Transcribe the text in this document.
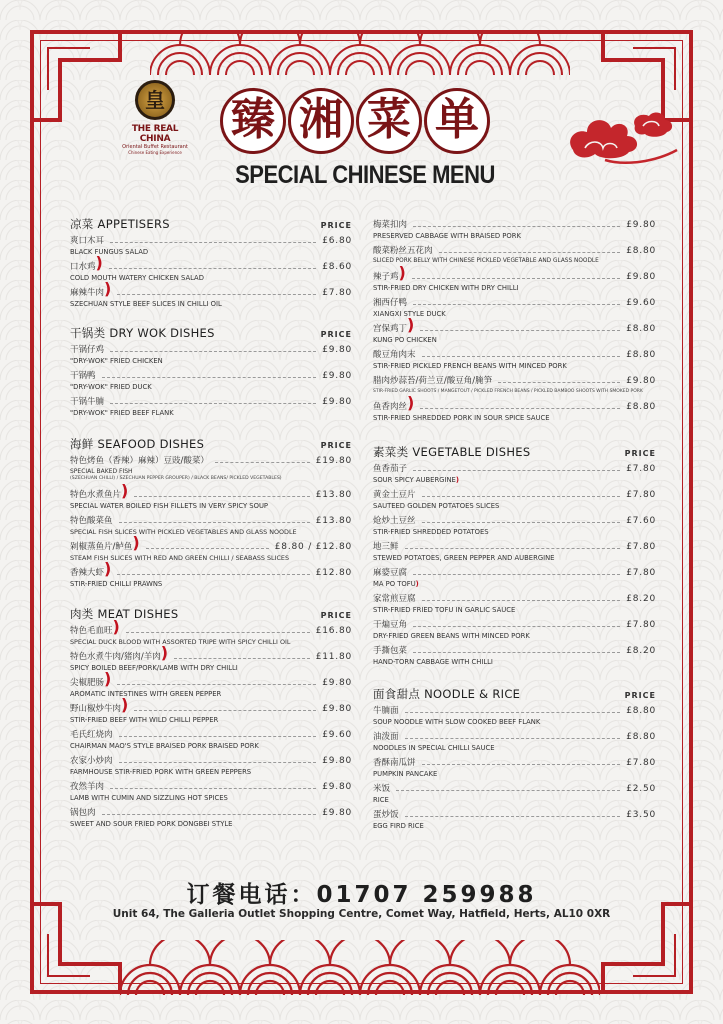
皇
THE REAL CHINA
Oriental Buffet Restaurant
Chinese Eating Experience
臻 湘 菜 单
SPECIAL CHINESE MENU
凉菜 APPETISERS	PRICE
爽口木耳	£6.80
BLACK FUNGUS SALAD
口水鸡 )	£8.60
COLD MOUTH WATERY CHICKEN SALAD
麻辣牛肉 )	£7.80
SZECHUAN STYLE BEEF SLICES IN CHILLI OIL
干锅类 DRY WOK DISHES	PRICE
干锅仔鸡	£9.80
"DRY-WOK" FRIED CHICKEN
干锅鸭	£9.80
"DRY-WOK" FRIED DUCK
干锅牛腩	£9.80
"DRY-WOK" FRIED BEEF FLANK
海鲜 SEAFOOD DISHES	PRICE
特色烤鱼（香辣）麻辣）豆豉/酸菜）	£19.80
SPECIAL BAKED FISH
(SZECHUAN CHILLI) / SZECHUAN PEPPER GROUPER) / BLACK BEANS/ PICKLED VEGETABLES)
特色水煮鱼片 )	£13.80
SPECIAL WATER BOILED FISH FILLETS IN VERY SPICY SOUP
特色酸菜鱼	£13.80
SPECIAL FISH SLICES WITH PICKLED VEGETABLES AND GLASS NOODLE
剁椒蒸鱼片/鲈鱼 )	£8.80 / £12.80
STEAM FISH SLICES WITH RED AND GREEN CHILLI / SEABASS SLICES
香辣大虾 )	£12.80
STIR-FRIED CHILLI PRAWNS
肉类 MEAT DISHES	PRICE
特色毛血旺 )	£16.80
SPECIAL DUCK BLOOD WITH ASSORTED TRIPE WITH SPICY CHILLI OIL
特色水煮牛肉/猪肉/羊肉 )	£11.80
SPICY BOILED BEEF/PORK/LAMB WITH DRY CHILLI
尖椒肥肠 )	£9.80
AROMATIC INTESTINES WITH GREEN PEPPER
野山椒炒牛肉 )	£9.80
STIR-FRIED BEEF WITH WILD CHILLI PEPPER
毛氏红烧肉	£9.60
CHAIRMAN MAO'S STYLE BRAISED PORK BRAISED PORK
农家小炒肉	£9.80
FARMHOUSE STIR-FRIED PORK WITH GREEN PEPPERS
孜然羊肉	£9.80
LAMB WITH CUMIN AND SIZZLING HOT SPICES
锅包肉	£9.80
SWEET AND SOUR FRIED PORK DONGBEI STYLE
梅菜扣肉	£9.80
PRESERVED CABBAGE WITH BRAISED PORK
酸菜粉丝五花肉	£8.80
SLICED PORK BELLY WITH CHINESE PICKLED VEGETABLE AND GLASS NOODLE
辣子鸡 )	£9.80
STIR-FRIED DRY CHICKEN WITH DRY CHILLI
湘西仔鸭	£9.60
XIANGXI STYLE DUCK
宫保鸡丁 )	£8.80
KUNG PO CHICKEN
酸豆角肉末	£8.80
STIR-FRIED PICKLED FRENCH BEANS WITH MINCED PORK
腊肉炒蒜苔/荷兰豆/酸豆角/腌笋	£9.80
STIR-FRIED GARLIC SHOOTS / MANGETOUT / PICKLED FRENCH BEANS / PICKLED BAMBOO SHOOTS WITH SMOKED PORK
鱼香肉丝 )	£8.80
STIR-FRIED SHREDDED PORK IN SOUR SPICE SAUCE
素菜类 VEGETABLE DISHES	PRICE
鱼香茄子	£7.80
SOUR SPICY AUBERGINE)
黄金土豆片	£7.80
SAUTEED GOLDEN POTATOES SLICES
炝炒土豆丝	£7.60
STIR-FRIED SHREDDED POTATOES
地三鲜	£7.80
STEWED POTATOES, GREEN PEPPER AND AUBERGINE
麻婆豆腐	£7.80
MA PO TOFU)
家常煎豆腐	£8.20
STIR-FRIED FRIED TOFU IN GARLIC SAUCE
干煸豆角	£7.80
DRY-FRIED GREEN BEANS WITH MINCED PORK
手撕包菜	£8.20
HAND-TORN CABBAGE WITH CHILLI
面食甜点 NOODLE & RICE	PRICE
牛腩面	£8.80
SOUP NOODLE WITH SLOW COOKED BEEF FLANK
油泼面	£8.80
NOODLES IN SPECIAL CHILLI SAUCE
香酥南瓜饼	£7.80
PUMPKIN PANCAKE
米饭	£2.50
RICE
蛋炒饭	£3.50
EGG FIRD RICE
订餐电话：01707 259988
Unit 64, The Galleria Outlet Shopping Centre, Comet Way, Hatfield, Herts, AL10 0XR
